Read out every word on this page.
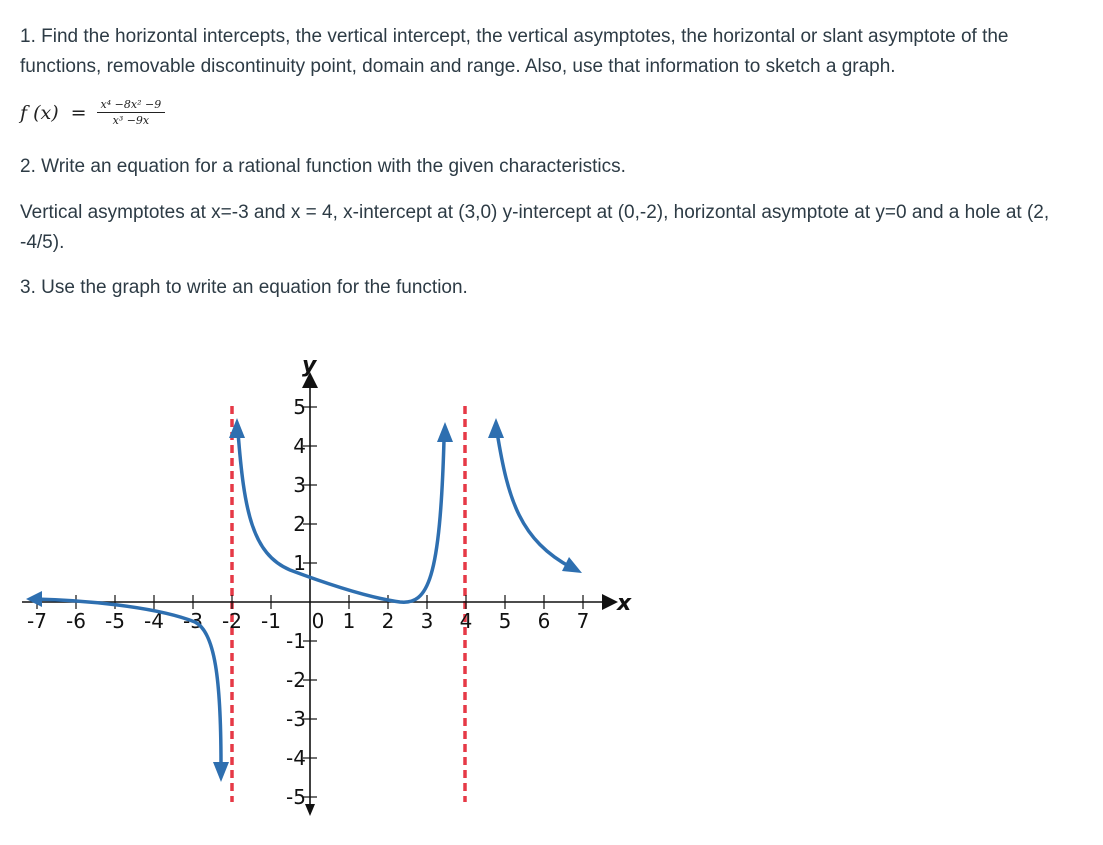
1. Find the horizontal intercepts, the vertical intercept, the vertical asymptotes, the horizontal or slant asymptote of the functions, removable discontinuity point, domain and range. Also, use that information to sketch a graph.

f $(x) = \frac{\text{x⁴ −8x² −9}}{\text{x³ −9x}}$

2. Write an equation for a rational function with the given characteristics.

Vertical asymptotes at x=-3 and x = 4, x-intercept at (3,0) y-intercept at (0,-2), horizontal asymptote at y=0 and a hole at (2, -4/5).

3. Use the graph to write an equation for the function.

-7 -6 -5 -4 -3 -2 -1 0 1 2 3 4 5 6 7
5
4
3
2
1
-1
-2
-3
-4
-5
x
y
